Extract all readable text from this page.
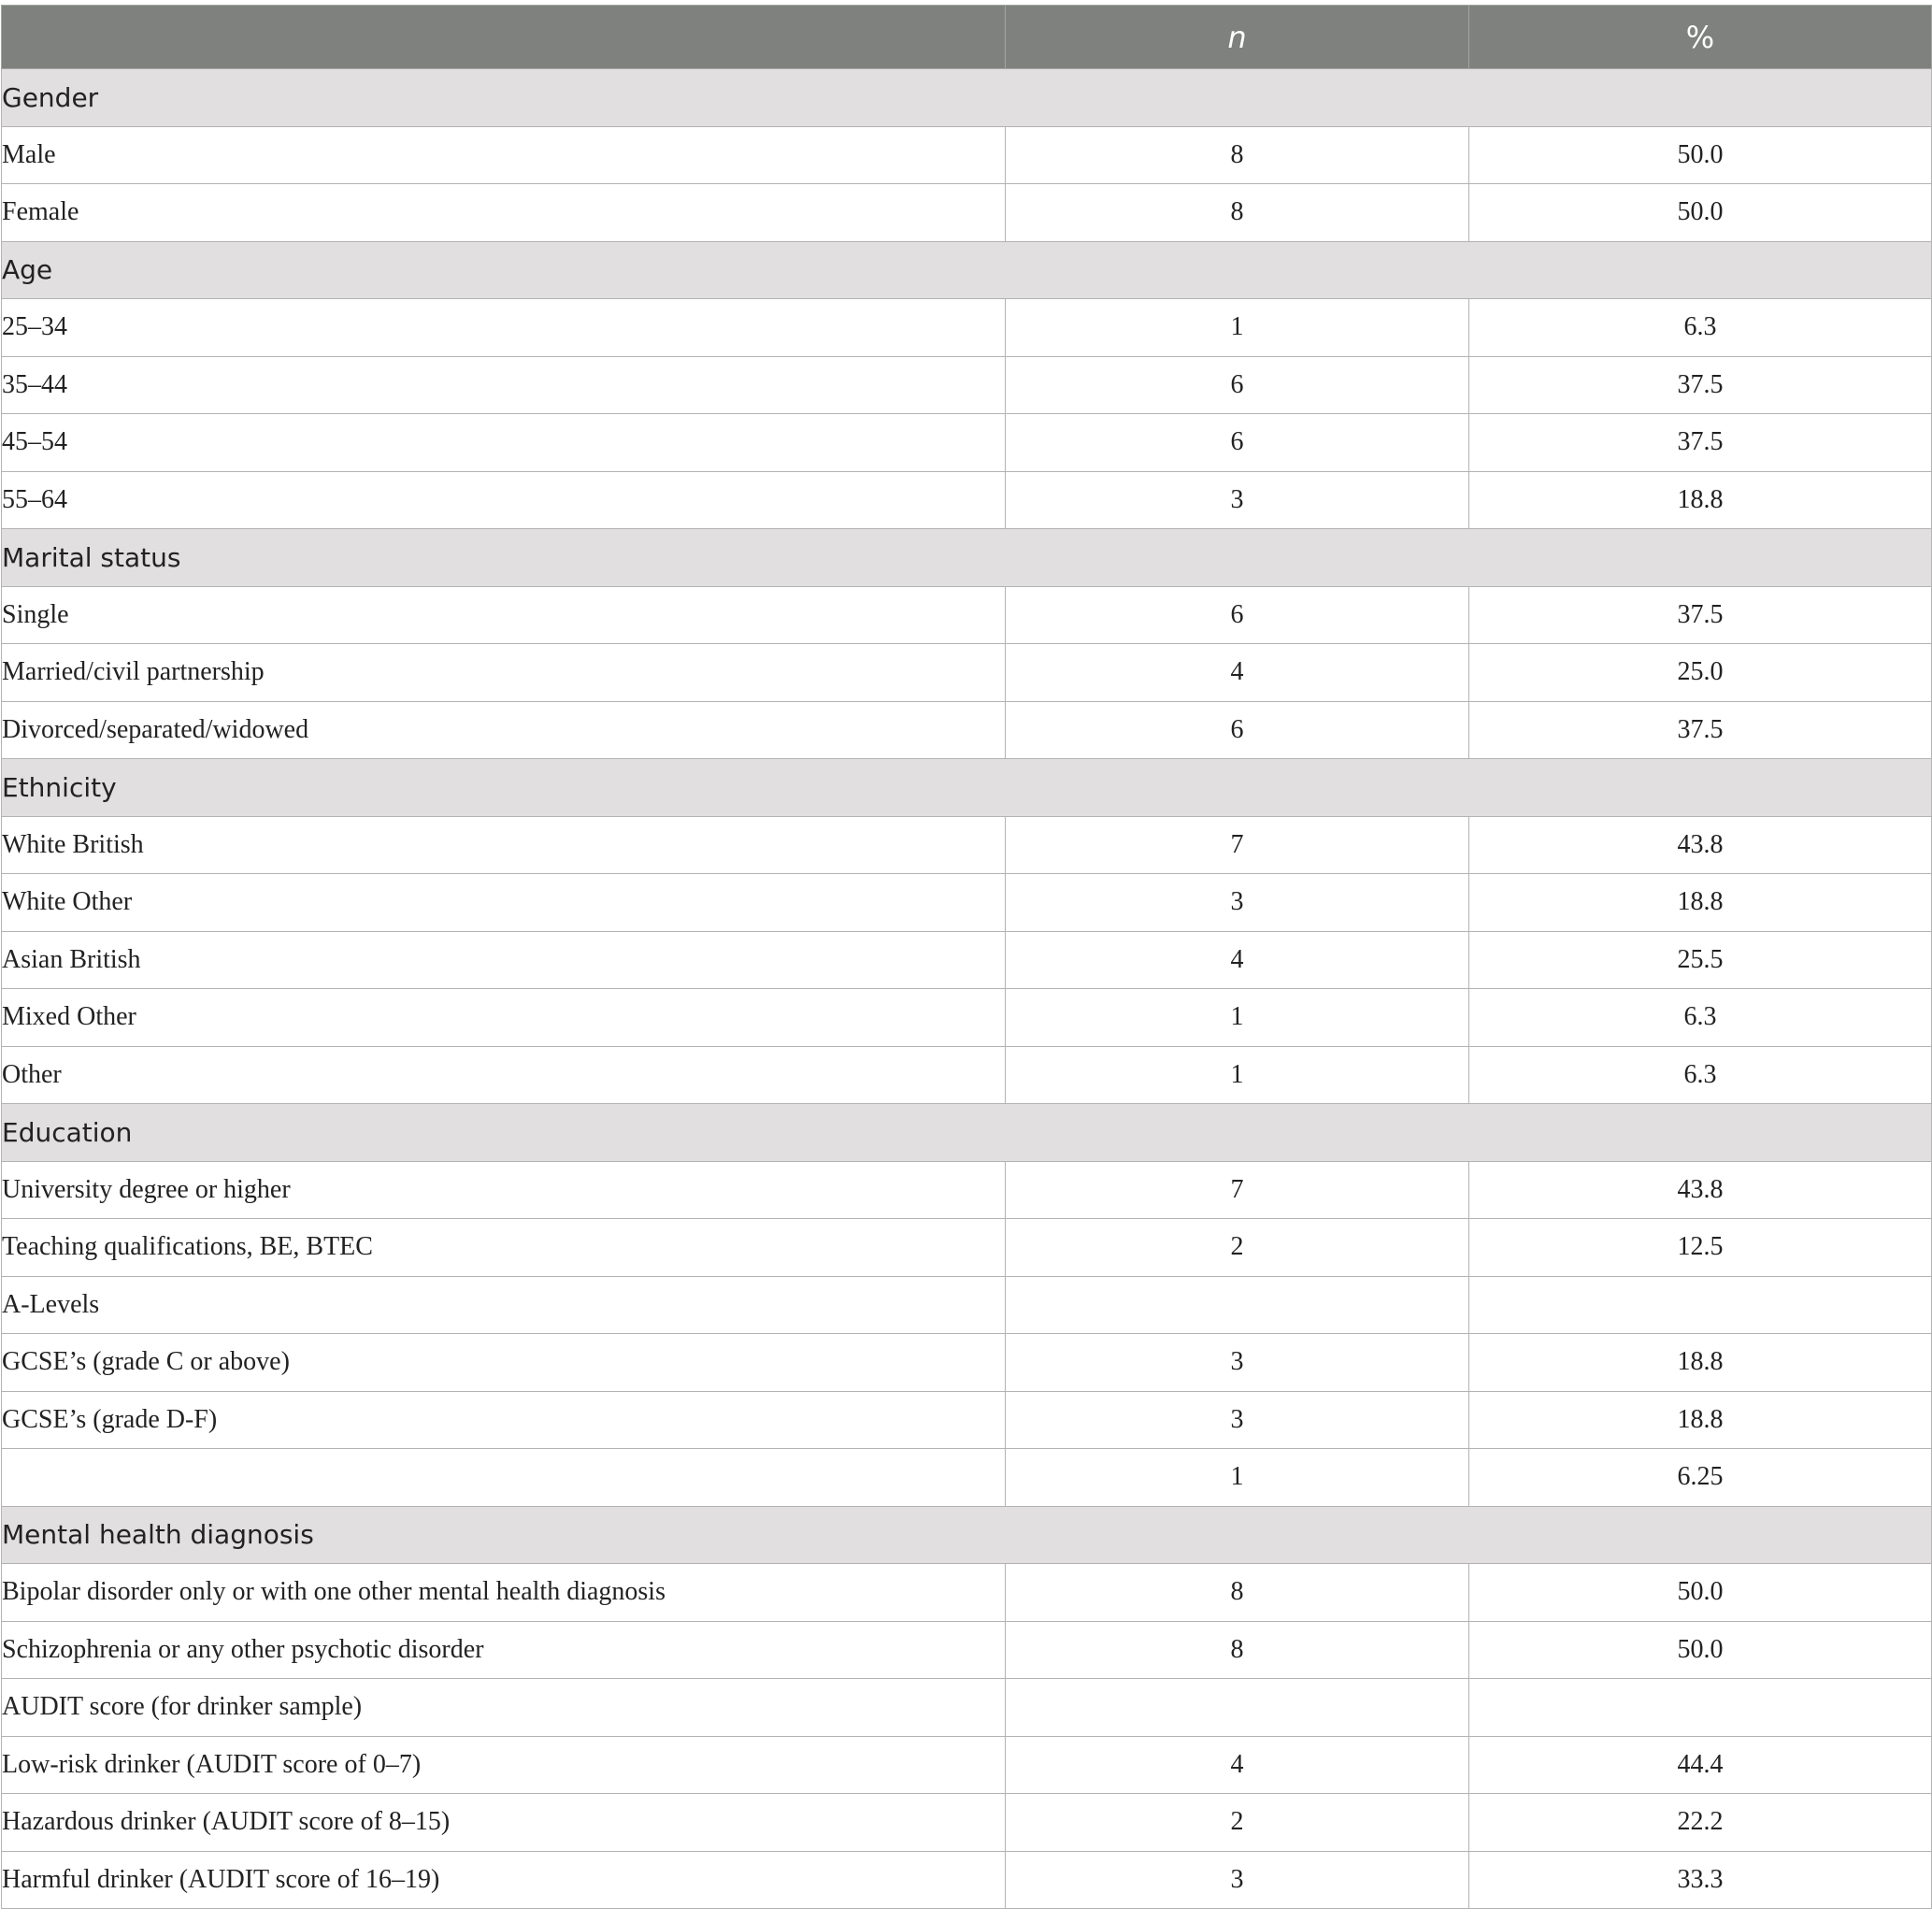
	n	%
Gender		
Male	8	50.0
Female	8	50.0
Age		
25–34	1	6.3
35–44	6	37.5
45–54	6	37.5
55–64	3	18.8
Marital status		
Single	6	37.5
Married/civil partnership	4	25.0
Divorced/separated/widowed	6	37.5
Ethnicity		
White British	7	43.8
White Other	3	18.8
Asian British	4	25.5
Mixed Other	1	6.3
Other	1	6.3
Education		
University degree or higher	7	43.8
Teaching qualifications, BE, BTEC	2	12.5
A-Levels		
GCSE’s (grade C or above)	3	18.8
GCSE’s (grade D-F)	3	18.8
	1	6.25
Mental health diagnosis		
Bipolar disorder only or with one other mental health diagnosis	8	50.0
Schizophrenia or any other psychotic disorder	8	50.0
AUDIT score (for drinker sample)		
Low-risk drinker (AUDIT score of 0–7)	4	44.4
Hazardous drinker (AUDIT score of 8–15)	2	22.2
Harmful drinker (AUDIT score of 16–19)	3	33.3
